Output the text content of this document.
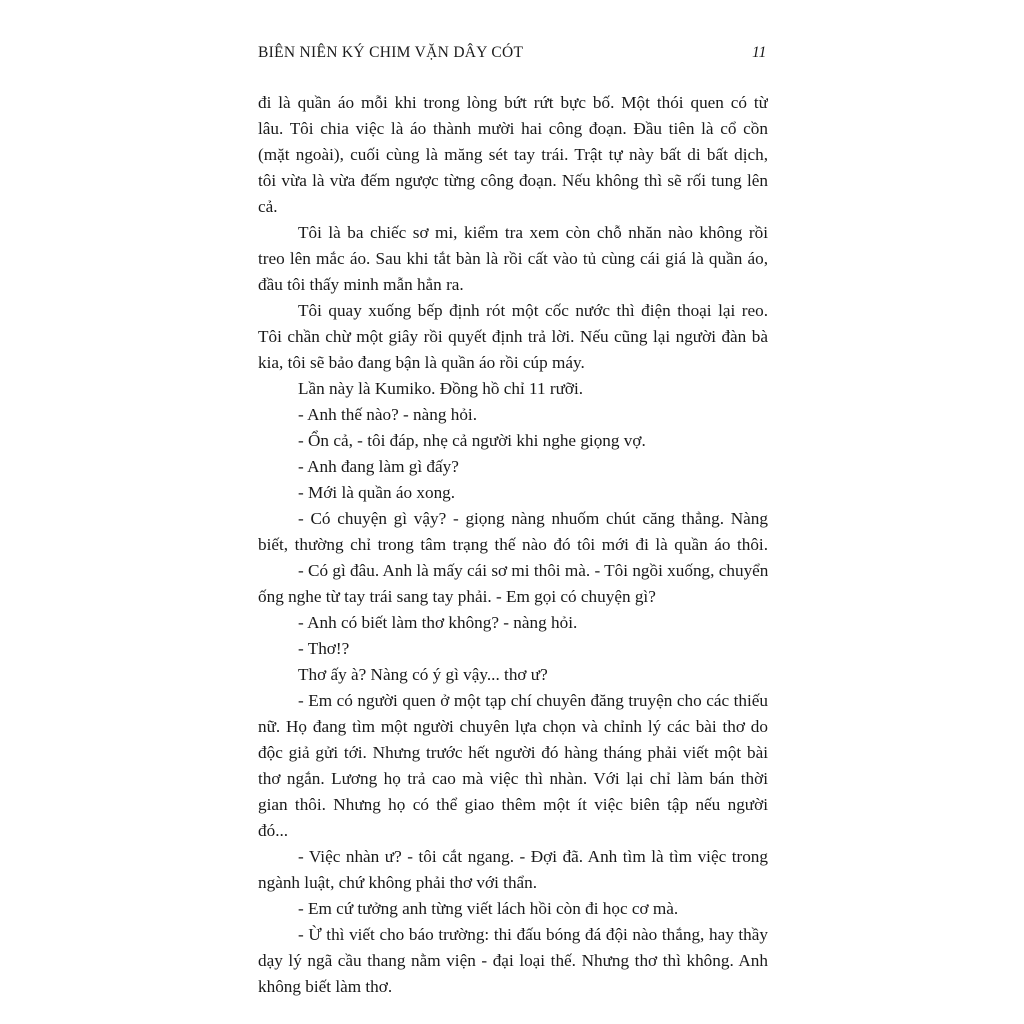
BIÊN NIÊN KÝ CHIM VẶN DÂY CÓT	11
đi là quần áo mỗi khi trong lòng bứt rứt bực bố. Một thói quen có từ
lâu. Tôi chia việc là áo thành mười hai công đoạn. Đầu tiên là cổ cồn
(mặt ngoài), cuối cùng là măng sét tay trái. Trật tự này bất di bất dịch,
tôi vừa là vừa đếm ngược từng công đoạn. Nếu không thì sẽ rối tung lên
cả.
Tôi là ba chiếc sơ mi, kiểm tra xem còn chỗ nhăn nào không rồi
treo lên mắc áo. Sau khi tắt bàn là rồi cất vào tủ cùng cái giá là quần áo,
đầu tôi thấy minh mẫn hẳn ra.
Tôi quay xuống bếp định rót một cốc nước thì điện thoại lại reo.
Tôi chần chừ một giây rồi quyết định trả lời. Nếu cũng lại người đàn bà
kia, tôi sẽ bảo đang bận là quần áo rồi cúp máy.
Lần này là Kumiko. Đồng hồ chỉ 11 rưỡi.
- Anh thế nào? - nàng hỏi.
- Ổn cả, - tôi đáp, nhẹ cả người khi nghe giọng vợ.
- Anh đang làm gì đấy?
- Mới là quần áo xong.
- Có chuyện gì vậy? - giọng nàng nhuốm chút căng thẳng. Nàng
biết, thường chỉ trong tâm trạng thế nào đó tôi mới đi là quần áo thôi.
- Có gì đâu. Anh là mấy cái sơ mi thôi mà. - Tôi ngồi xuống, chuyển
ống nghe từ tay trái sang tay phải. - Em gọi có chuyện gì?
- Anh có biết làm thơ không? - nàng hỏi.
- Thơ!?
Thơ ấy à? Nàng có ý gì vậy... thơ ư?
- Em có người quen ở một tạp chí chuyên đăng truyện cho các thiếu
nữ. Họ đang tìm một người chuyên lựa chọn và chỉnh lý các bài thơ do
độc giả gửi tới. Nhưng trước hết người đó hàng tháng phải viết một bài
thơ ngắn. Lương họ trả cao mà việc thì nhàn. Với lại chỉ làm bán thời
gian thôi. Nhưng họ có thể giao thêm một ít việc biên tập nếu người
đó...
- Việc nhàn ư? - tôi cắt ngang. - Đợi đã. Anh tìm là tìm việc trong
ngành luật, chứ không phải thơ với thẩn.
- Em cứ tưởng anh từng viết lách hồi còn đi học cơ mà.
- Ừ thì viết cho báo trường: thi đấu bóng đá đội nào thắng, hay thầy
dạy lý ngã cầu thang nằm viện - đại loại thế. Nhưng thơ thì không. Anh
không biết làm thơ.
